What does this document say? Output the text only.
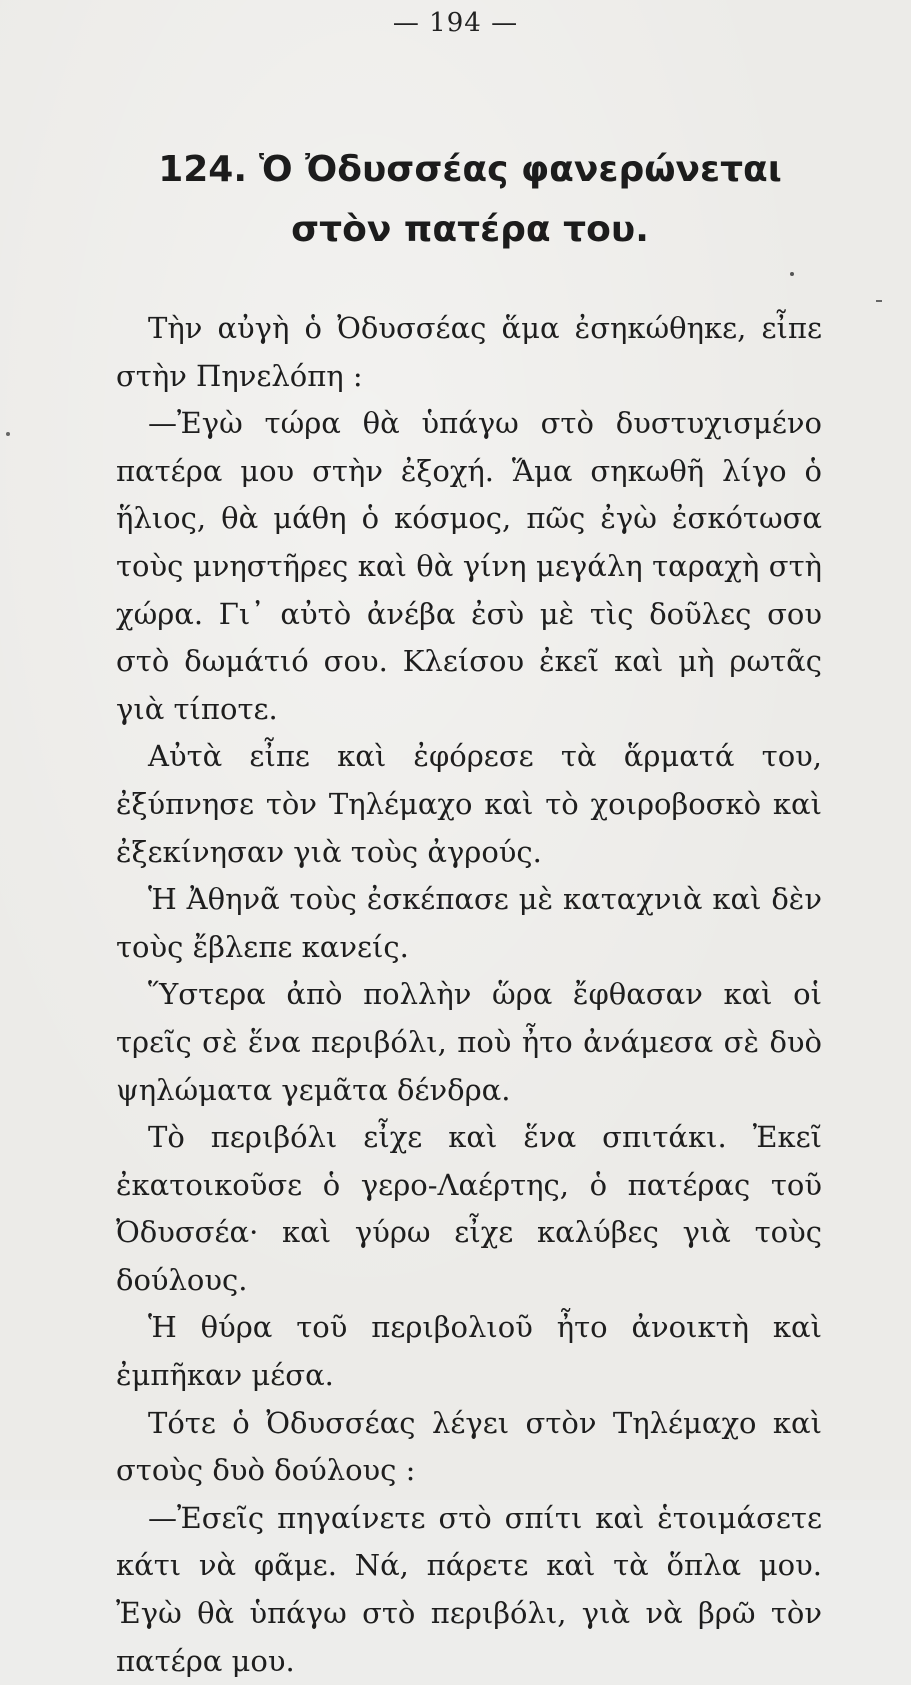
— 194 —
124. Ὁ Ὀδυσσέας φανερώνεται
στὸν πατέρα του.

Τὴν αὐγὴ ὁ Ὀδυσσέας ἅμα ἐσηκώθηκε, εἶπε στὴν Πηνελόπη :

—Ἐγὼ τώρα θὰ ὑπάγω στὸ δυστυχισμένο πατέρα μου στὴν ἐξοχή. Ἅμα σηκωθῆ λίγο ὁ ἥλιος, θὰ μάθη ὁ κόσμος, πῶς ἐγὼ ἐσκότωσα τοὺς μνηστῆρες καὶ θὰ γίνη μεγάλη ταραχὴ στὴ χώρα. Γι᾿ αὐτὸ ἀνέβα ἐσὺ μὲ τὶς δοῦλες σου στὸ δωμάτιό σου. Κλείσου ἐκεῖ καὶ μὴ ρωτᾶς γιὰ τίποτε.

Αὐτὰ εἶπε καὶ ἐφόρεσε τὰ ἅρματά του, ἐξύπνησε τὸν Τηλέμαχο καὶ τὸ χοιροβοσκὸ καὶ ἐξεκίνησαν γιὰ τοὺς ἀγρούς.

Ἡ Ἀθηνᾶ τοὺς ἐσκέπασε μὲ καταχνιὰ καὶ δὲν τοὺς ἔβλεπε κανείς.

Ὕστερα ἀπὸ πολλὴν ὥρα ἔφθασαν καὶ οἱ τρεῖς σὲ ἕνα περιβόλι, ποὺ ἦτο ἀνάμεσα σὲ δυὸ ψηλώματα γεμᾶτα δένδρα.

Τὸ περιβόλι εἶχε καὶ ἕνα σπιτάκι. Ἐκεῖ ἐκατοικοῦσε ὁ γερο-Λαέρτης, ὁ πατέρας τοῦ Ὀδυσσέα· καὶ γύρω εἶχε καλύβες γιὰ τοὺς δούλους.

Ἡ θύρα τοῦ περιβολιοῦ ἦτο ἀνοικτὴ καὶ ἐμπῆκαν μέσα.

Τότε ὁ Ὀδυσσέας λέγει στὸν Τηλέμαχο καὶ στοὺς δυὸ δούλους :

—Ἐσεῖς πηγαίνετε στὸ σπίτι καὶ ἑτοιμάσετε κάτι νὰ φᾶμε. Νά, πάρετε καὶ τὰ ὅπλα μου. Ἐγὼ θὰ ὑπάγω στὸ περιβόλι, γιὰ νὰ βρῶ τὸν πατέρα μου.
